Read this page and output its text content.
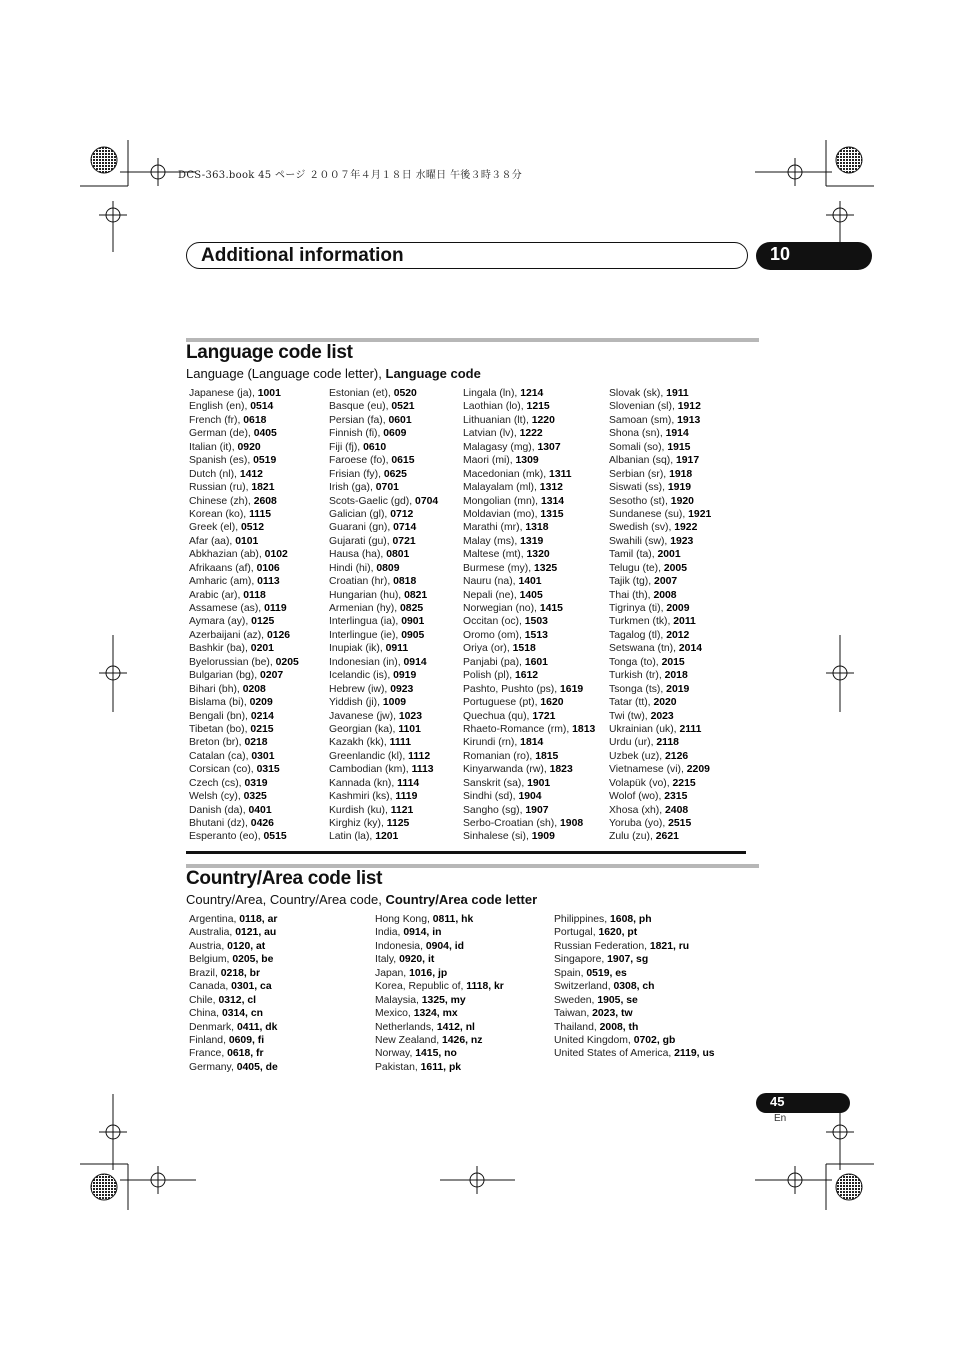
DCS-363.book 45 ページ ２００７年４月１８日 水曜日 午後３時３８分
Additional information	10
Language code list
Language (Language code letter), Language code
Japanese (ja), 1001
English (en), 0514
French (fr), 0618
German (de), 0405
Italian (it), 0920
Spanish (es), 0519
Dutch (nl), 1412
Russian (ru), 1821
Chinese (zh), 2608
Korean (ko), 1115
Greek (el), 0512
Afar (aa), 0101
Abkhazian (ab), 0102
Afrikaans (af), 0106
Amharic (am), 0113
Arabic (ar), 0118
Assamese (as), 0119
Aymara (ay), 0125
Azerbaijani (az), 0126
Bashkir (ba), 0201
Byelorussian (be), 0205
Bulgarian (bg), 0207
Bihari (bh), 0208
Bislama (bi), 0209
Bengali (bn), 0214
Tibetan (bo), 0215
Breton (br), 0218
Catalan (ca), 0301
Corsican (co), 0315
Czech (cs), 0319
Welsh (cy), 0325
Danish (da), 0401
Bhutani (dz), 0426
Esperanto (eo), 0515
Estonian (et), 0520
Basque (eu), 0521
Persian (fa), 0601
Finnish (fi), 0609
Fiji (fj), 0610
Faroese (fo), 0615
Frisian (fy), 0625
Irish (ga), 0701
Scots-Gaelic (gd), 0704
Galician (gl), 0712
Guarani (gn), 0714
Gujarati (gu), 0721
Hausa (ha), 0801
Hindi (hi), 0809
Croatian (hr), 0818
Hungarian (hu), 0821
Armenian (hy), 0825
Interlingua (ia), 0901
Interlingue (ie), 0905
Inupiak (ik), 0911
Indonesian (in), 0914
Icelandic (is), 0919
Hebrew (iw), 0923
Yiddish (ji), 1009
Javanese (jw), 1023
Georgian (ka), 1101
Kazakh (kk), 1111
Greenlandic (kl), 1112
Cambodian (km), 1113
Kannada (kn), 1114
Kashmiri (ks), 1119
Kurdish (ku), 1121
Kirghiz (ky), 1125
Latin (la), 1201
Lingala (ln), 1214
Laothian (lo), 1215
Lithuanian (lt), 1220
Latvian (lv), 1222
Malagasy (mg), 1307
Maori (mi), 1309
Macedonian (mk), 1311
Malayalam (ml), 1312
Mongolian (mn), 1314
Moldavian (mo), 1315
Marathi (mr), 1318
Malay (ms), 1319
Maltese (mt), 1320
Burmese (my), 1325
Nauru (na), 1401
Nepali (ne), 1405
Norwegian (no), 1415
Occitan (oc), 1503
Oromo (om), 1513
Oriya (or), 1518
Panjabi (pa), 1601
Polish (pl), 1612
Pashto, Pushto (ps), 1619
Portuguese (pt), 1620
Quechua (qu), 1721
Rhaeto-Romance (rm), 1813
Kirundi (rn), 1814
Romanian (ro), 1815
Kinyarwanda (rw), 1823
Sanskrit (sa), 1901
Sindhi (sd), 1904
Sangho (sg), 1907
Serbo-Croatian (sh), 1908
Sinhalese (si), 1909
Slovak (sk), 1911
Slovenian (sl), 1912
Samoan (sm), 1913
Shona (sn), 1914
Somali (so), 1915
Albanian (sq), 1917
Serbian (sr), 1918
Siswati (ss), 1919
Sesotho (st), 1920
Sundanese (su), 1921
Swedish (sv), 1922
Swahili (sw), 1923
Tamil (ta), 2001
Telugu (te), 2005
Tajik (tg), 2007
Thai (th), 2008
Tigrinya (ti), 2009
Turkmen (tk), 2011
Tagalog (tl), 2012
Setswana (tn), 2014
Tonga (to), 2015
Turkish (tr), 2018
Tsonga (ts), 2019
Tatar (tt), 2020
Twi (tw), 2023
Ukrainian (uk), 2111
Urdu (ur), 2118
Uzbek (uz), 2126
Vietnamese (vi), 2209
Volapük (vo), 2215
Wolof (wo), 2315
Xhosa (xh), 2408
Yoruba (yo), 2515
Zulu (zu), 2621
Country/Area code list
Country/Area, Country/Area code, Country/Area code letter
Argentina, 0118, ar
Australia, 0121, au
Austria, 0120, at
Belgium, 0205, be
Brazil, 0218, br
Canada, 0301, ca
Chile, 0312, cl
China, 0314, cn
Denmark, 0411, dk
Finland, 0609, fi
France, 0618, fr
Germany, 0405, de
Hong Kong, 0811, hk
India, 0914, in
Indonesia, 0904, id
Italy, 0920, it
Japan, 1016, jp
Korea, Republic of, 1118, kr
Malaysia, 1325, my
Mexico, 1324, mx
Netherlands, 1412, nl
New Zealand, 1426, nz
Norway, 1415, no
Pakistan, 1611, pk
Philippines, 1608, ph
Portugal, 1620, pt
Russian Federation, 1821, ru
Singapore, 1907, sg
Spain, 0519, es
Switzerland, 0308, ch
Sweden, 1905, se
Taiwan, 2023, tw
Thailand, 2008, th
United Kingdom, 0702, gb
United States of America, 2119, us
45
En
